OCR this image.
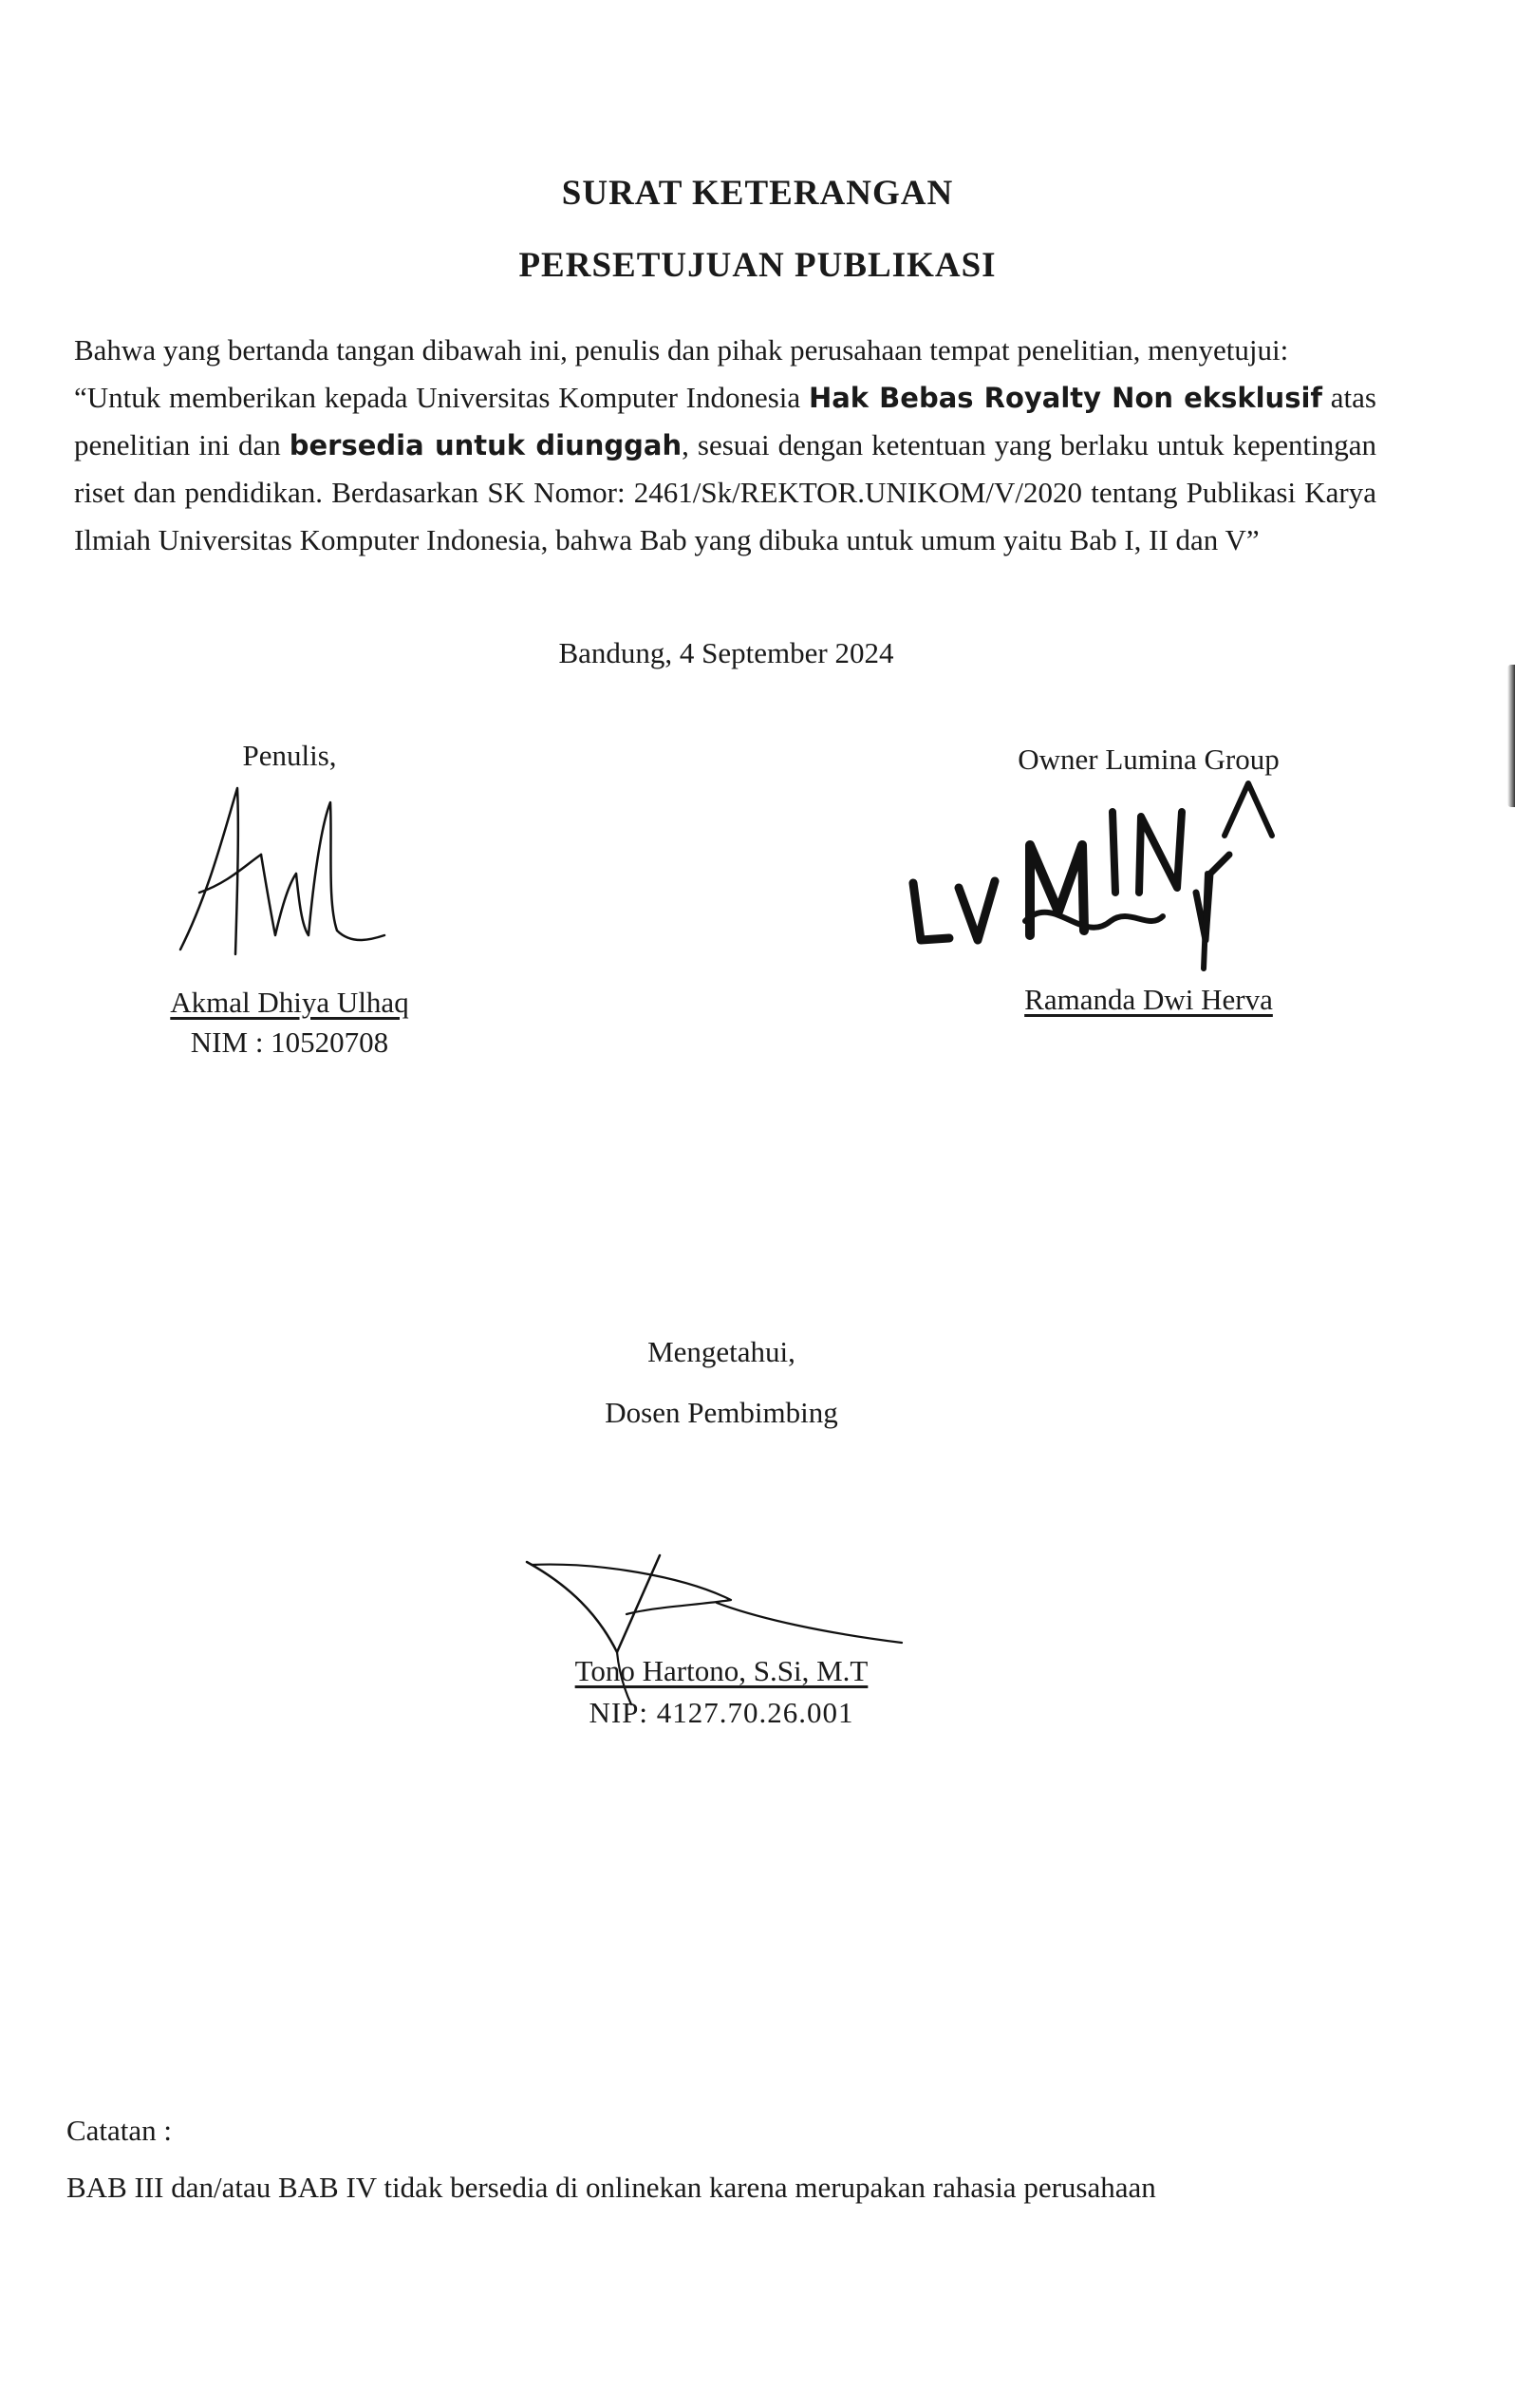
SURAT KETERANGAN
PERSETUJUAN PUBLIKASI

Bahwa yang bertanda tangan dibawah ini, penulis dan pihak perusahaan tempat penelitian, menyetujui:

“Untuk memberikan kepada Universitas Komputer Indonesia Hak Bebas Royalty Non eksklusif atas penelitian ini dan bersedia untuk diunggah, sesuai dengan ketentuan yang berlaku untuk kepentingan riset dan pendidikan. Berdasarkan SK Nomor: 2461/Sk/REKTOR.UNIKOM/V/2020 tentang Publikasi Karya Ilmiah Universitas Komputer Indonesia, bahwa Bab yang dibuka untuk umum yaitu Bab I, II dan V”

Bandung, 4 September 2024
Penulis,
Akmal Dhiya Ulhaq
NIM : 10520708
Owner Lumina Group
Ramanda Dwi Herva
Mengetahui,
Dosen Pembimbing
Tono Hartono, S.Si, M.T
NIP: 4127.70.26.001
Catatan :
BAB III dan/atau BAB IV tidak bersedia di onlinekan karena merupakan rahasia perusahaan
